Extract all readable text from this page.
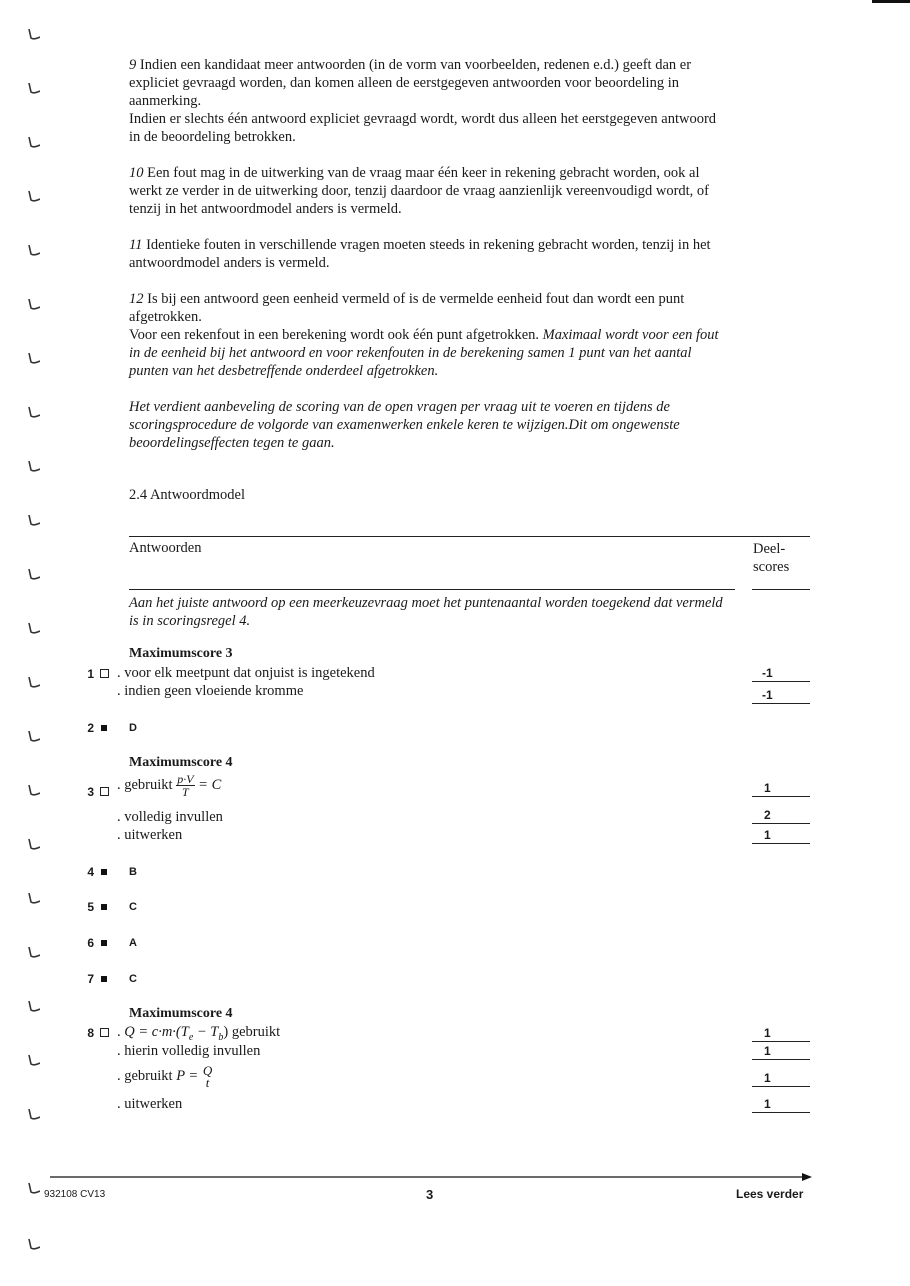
9 Indien een kandidaat meer antwoorden (in de vorm van voorbeelden, redenen e.d.) geeft dan er expliciet gevraagd worden, dan komen alleen de eerstgegeven antwoorden voor beoordeling in aanmerking.

Indien er slechts één antwoord expliciet gevraagd wordt, wordt dus alleen het eerstgegeven antwoord in de beoordeling betrokken.

10 Een fout mag in de uitwerking van de vraag maar één keer in rekening gebracht worden, ook al werkt ze verder in de uitwerking door, tenzij daardoor de vraag aanzienlijk vereenvoudigd wordt, of tenzij in het antwoordmodel anders is vermeld.

11 Identieke fouten in verschillende vragen moeten steeds in rekening gebracht worden, tenzij in het antwoordmodel anders is vermeld.

12 Is bij een antwoord geen eenheid vermeld of is de vermelde eenheid fout dan wordt een punt afgetrokken.

Voor een rekenfout in een berekening wordt ook één punt afgetrokken. Maximaal wordt voor een fout in de eenheid bij het antwoord en voor rekenfouten in de berekening samen 1 punt van het aantal punten van het desbetreffende onderdeel afgetrokken.

Het verdient aanbeveling de scoring van de open vragen per vraag uit te voeren en tijdens de scoringsprocedure de volgorde van examenwerken enkele keren te wijzigen.Dit om ongewenste beoordelingseffecten tegen te gaan.

2.4 Antwoordmodel
Antwoorden	Deel-
scores

Aan het juiste antwoord op een meerkeuzevraag moet het puntenaantal worden toegekend dat vermeld is in scoringsregel 4.

Maximumscore 3
1 . voor elk meetpunt dat onjuist is ingetekend	-1
. indien geen vloeiende kromme	-1
2	D
Maximumscore 4
3 . gebruikt $\frac{p\cdot V}{T} = C$	1
. volledig invullen	2
. uitwerken	1
4	B
5	C
6	A
7	C
Maximumscore 4
8 . $Q = c\cdot m\cdot(T_e - T_b)$ gebruikt	1
. hierin volledig invullen	1
. gebruikt P = Q
t	1
. uitwerken	1
932108 CV13	3	Lees verder
